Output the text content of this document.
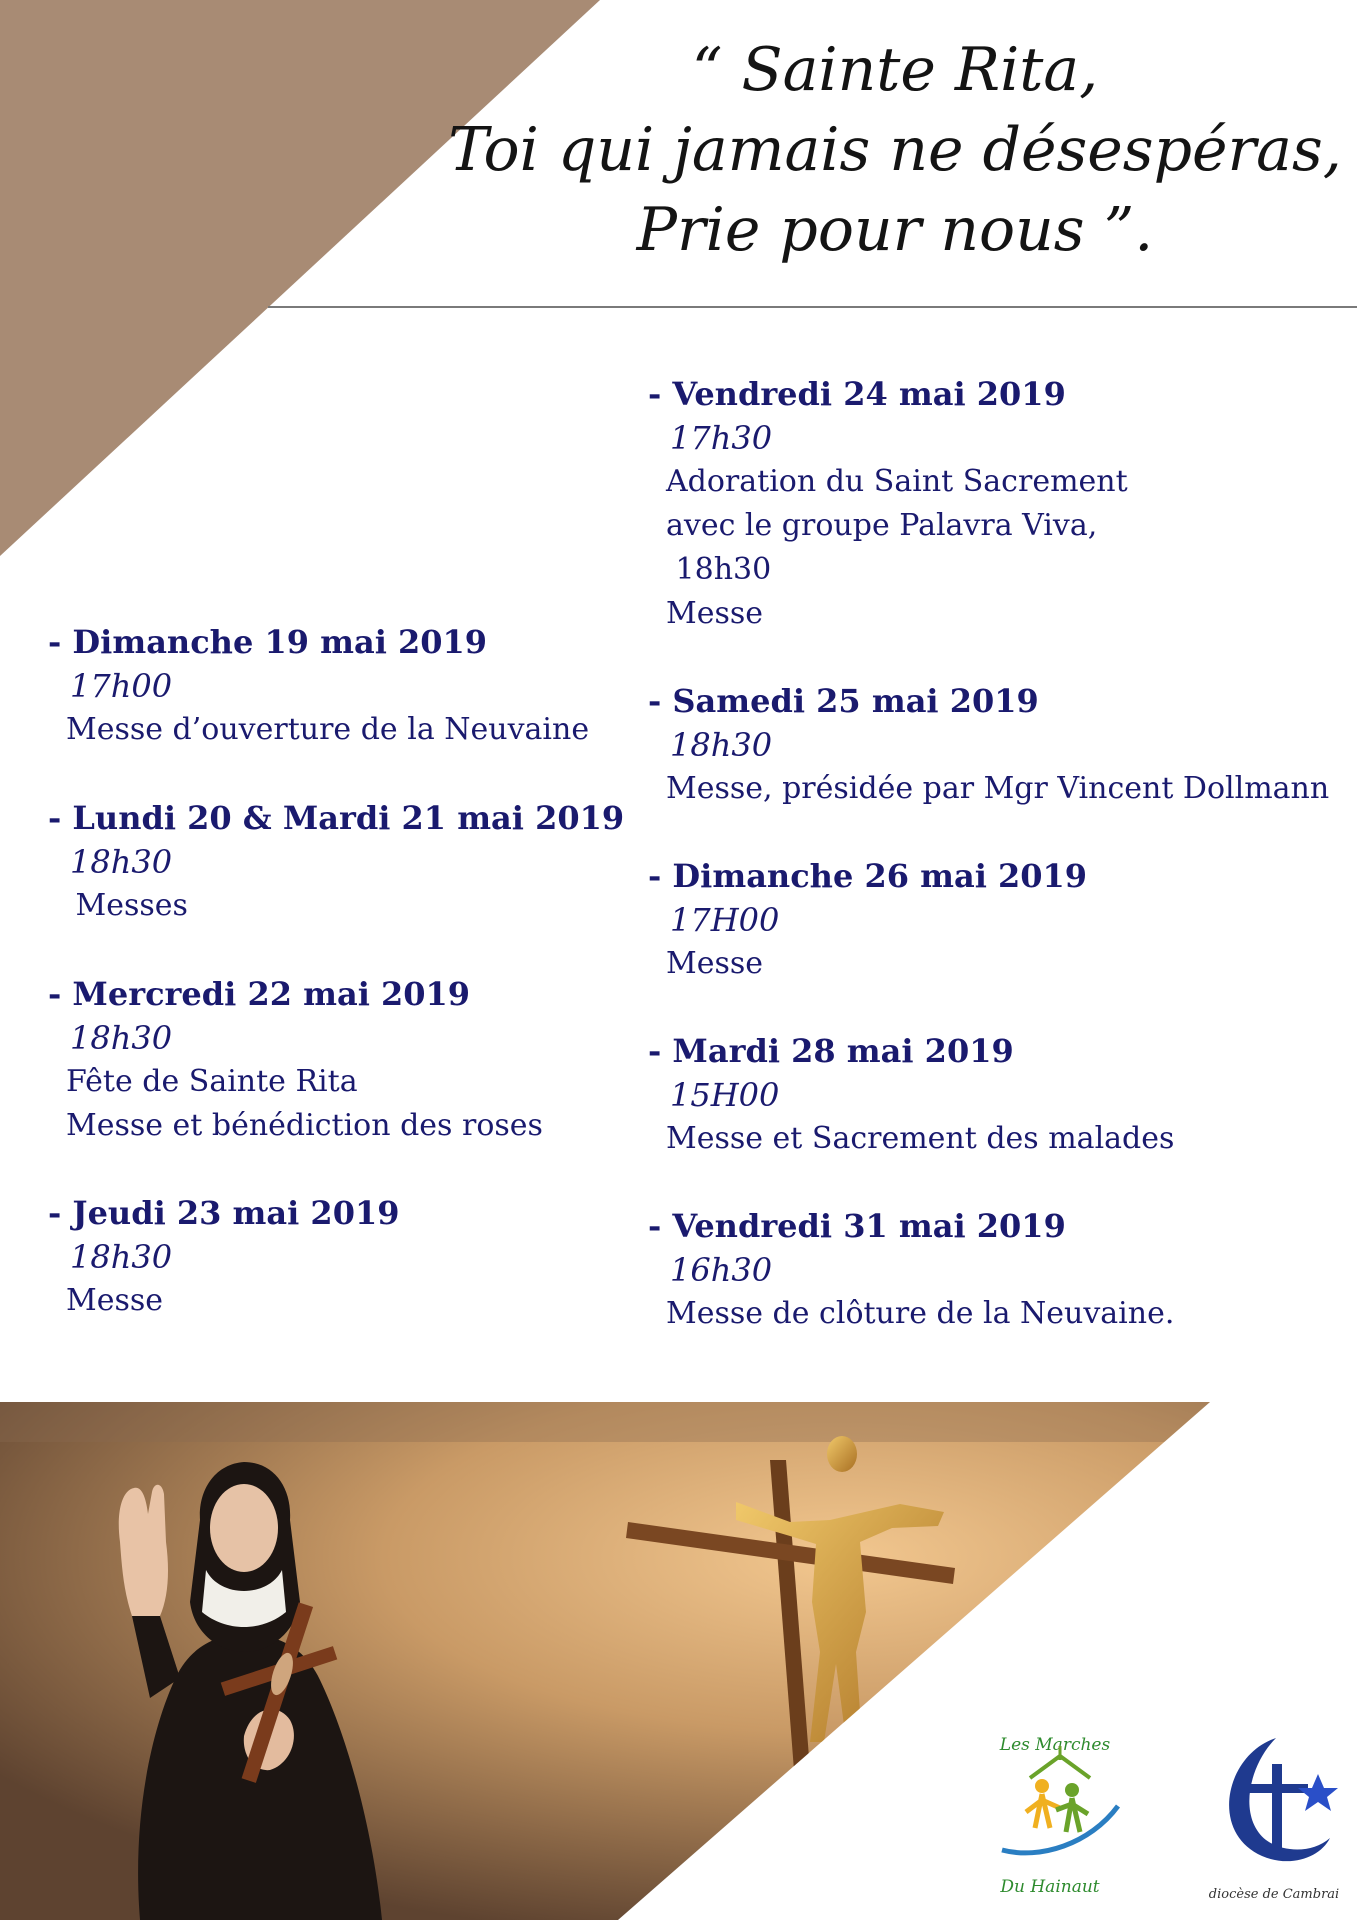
“ Sainte Rita,
Toi qui jamais ne désespéras,
Prie pour nous ”.
- Dimanche 19 mai 2019
17h00
Messe d’ouverture de la Neuvaine
- Lundi 20 & Mardi 21 mai 2019
18h30
Messes
- Mercredi 22 mai 2019
18h30
Fête de Sainte Rita
Messe et bénédiction des roses
- Jeudi 23 mai 2019
18h30
Messe
- Vendredi 24 mai 2019
17h30
Adoration du Saint Sacrement
avec le groupe Palavra Viva,
18h30
Messe
- Samedi 25 mai 2019
18h30
Messe, présidée par Mgr Vincent Dollmann
- Dimanche 26 mai 2019
17H00
Messe
- Mardi 28 mai 2019
15H00
Messe et Sacrement des malades
- Vendredi 31 mai 2019
16h30
Messe de clôture de la Neuvaine.
Les Marches
Du Hainaut	diocèse de Cambrai
